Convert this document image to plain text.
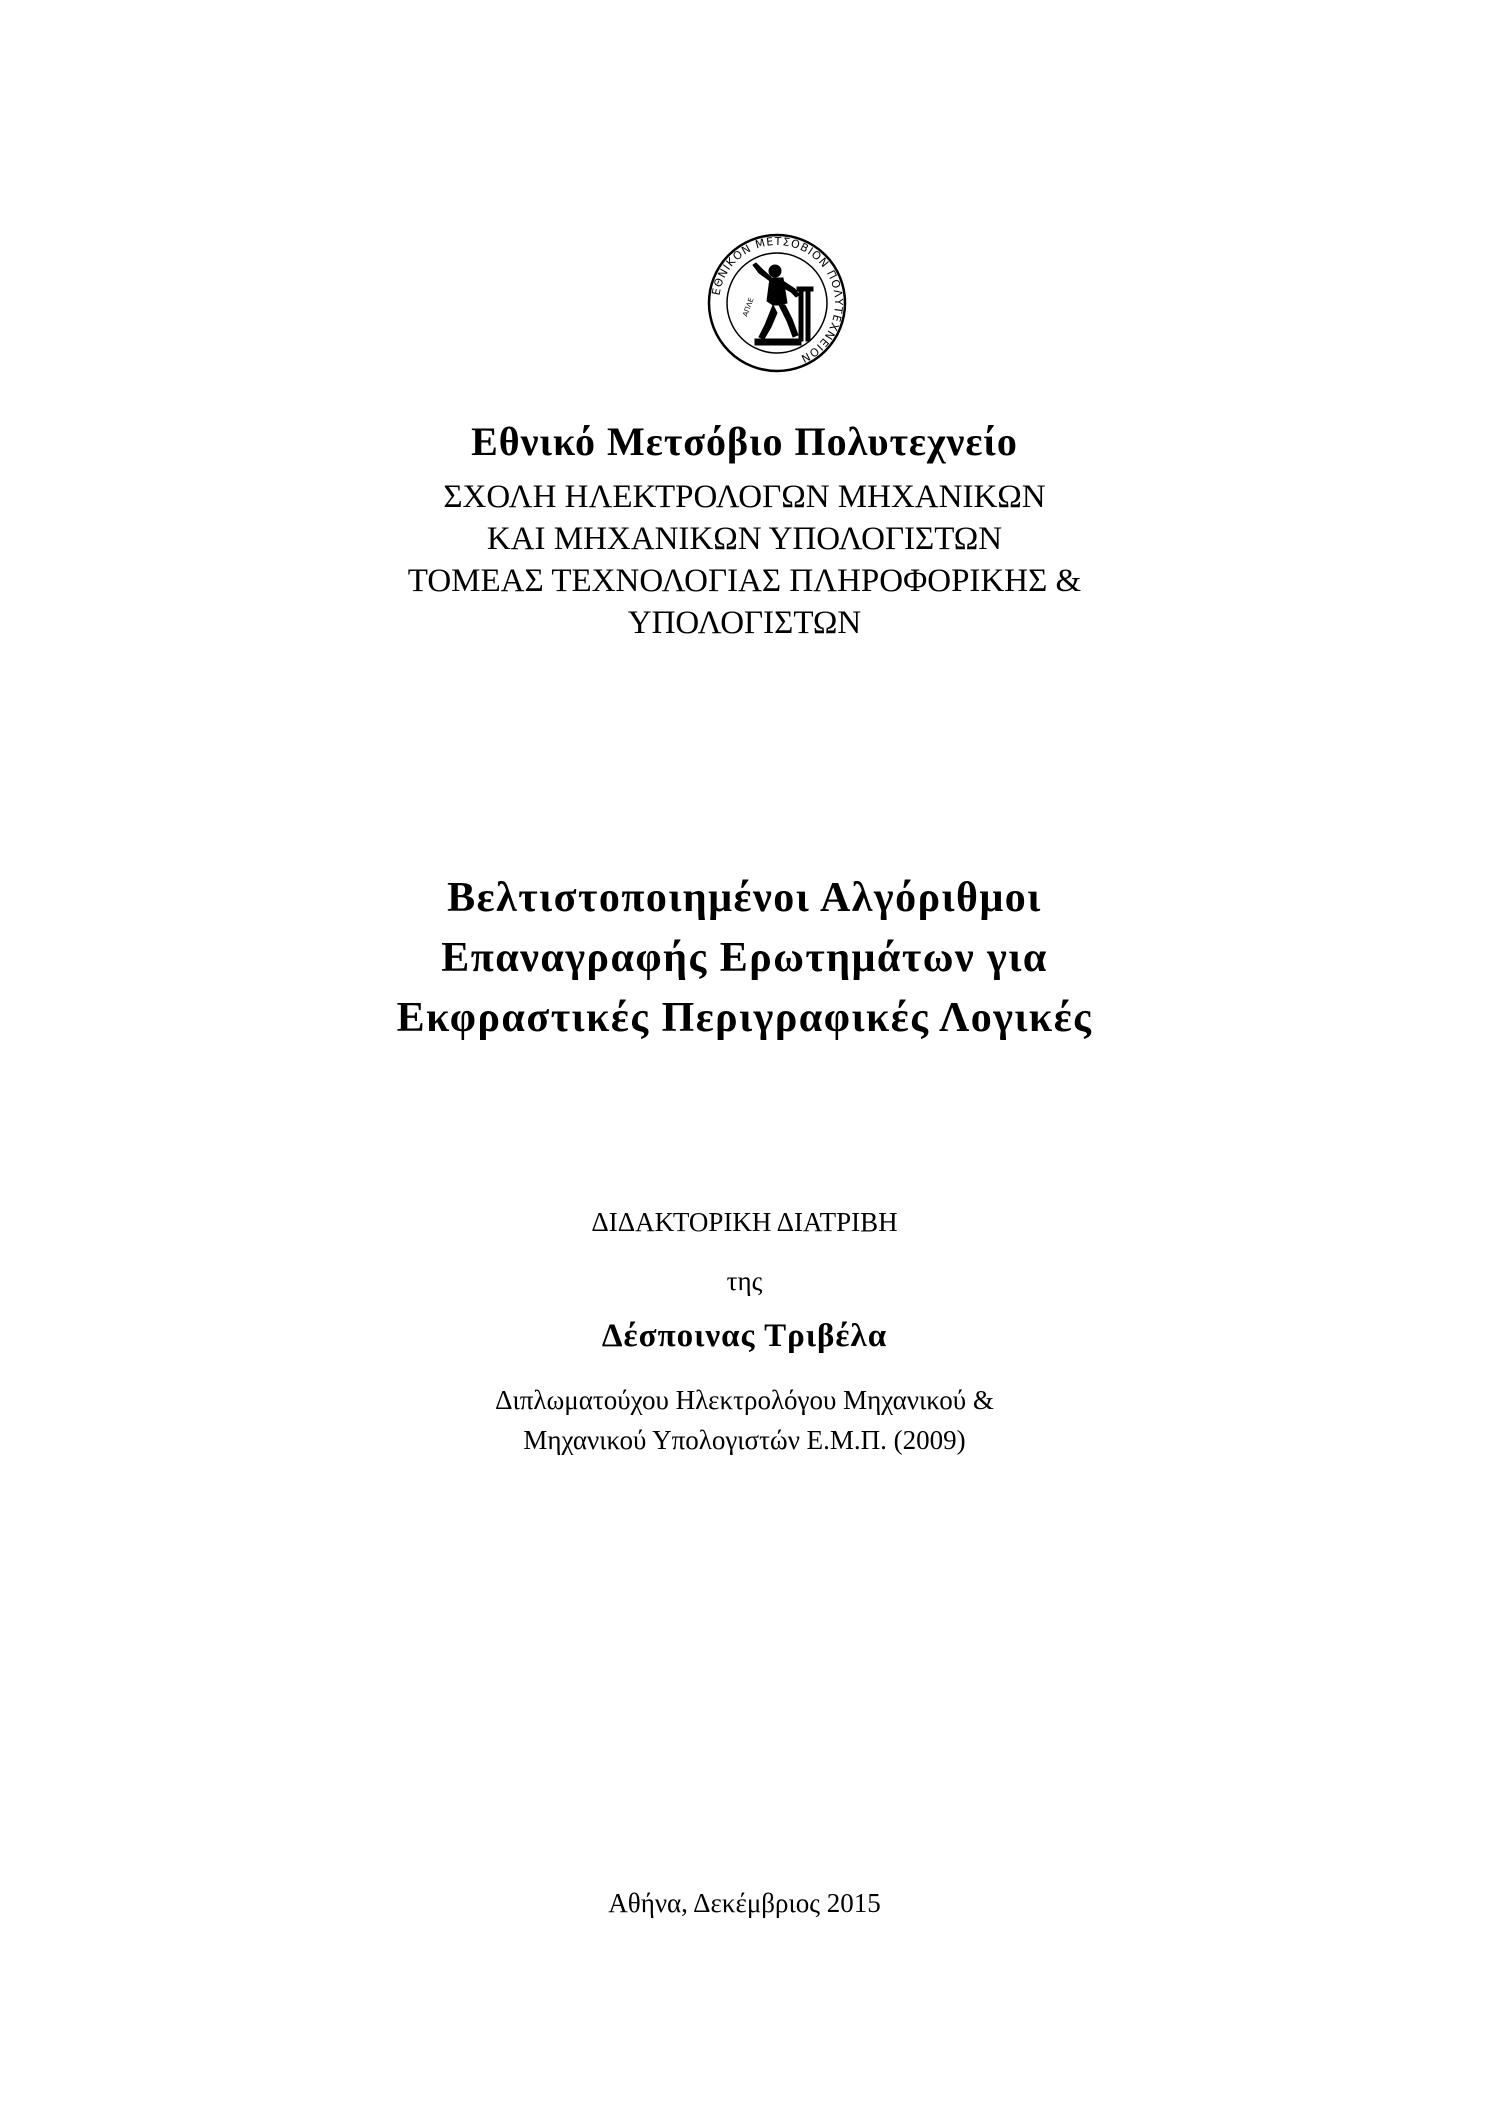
ΕΘΝΙΚΟΝ ΜΕΤΣΟΒΙΟΝ ΠΟΛΥΤΕΧΝΕΙΟΝ
ΑΠΛΕ
Εθνικό Μετσόβιο Πολυτεχνείο
ΣΧΟΛΗ ΗΛΕΚΤΡΟΛΟΓΩΝ ΜΗΧΑΝΙΚΩΝ
ΚΑΙ ΜΗΧΑΝΙΚΩΝ ΥΠΟΛΟΓΙΣΤΩΝ
ΤΟΜΕΑΣ ΤΕΧΝΟΛΟΓΙΑΣ ΠΛΗΡΟΦΟΡΙΚΗΣ &
ΥΠΟΛΟΓΙΣΤΩΝ
Βελτιστοποιημένοι Αλγόριθμοι
Επαναγραφής Ερωτημάτων για
Εκφραστικές Περιγραφικές Λογικές
ΔΙΔΑΚΤΟΡΙΚΗ ΔΙΑΤΡΙΒΗ
της
Δέσποινας Τριβέλα
Διπλωματούχου Ηλεκτρολόγου Μηχανικού &
Μηχανικού Υπολογιστών Ε.Μ.Π. (2009)
Αθήνα, Δεκέμβριος 2015
